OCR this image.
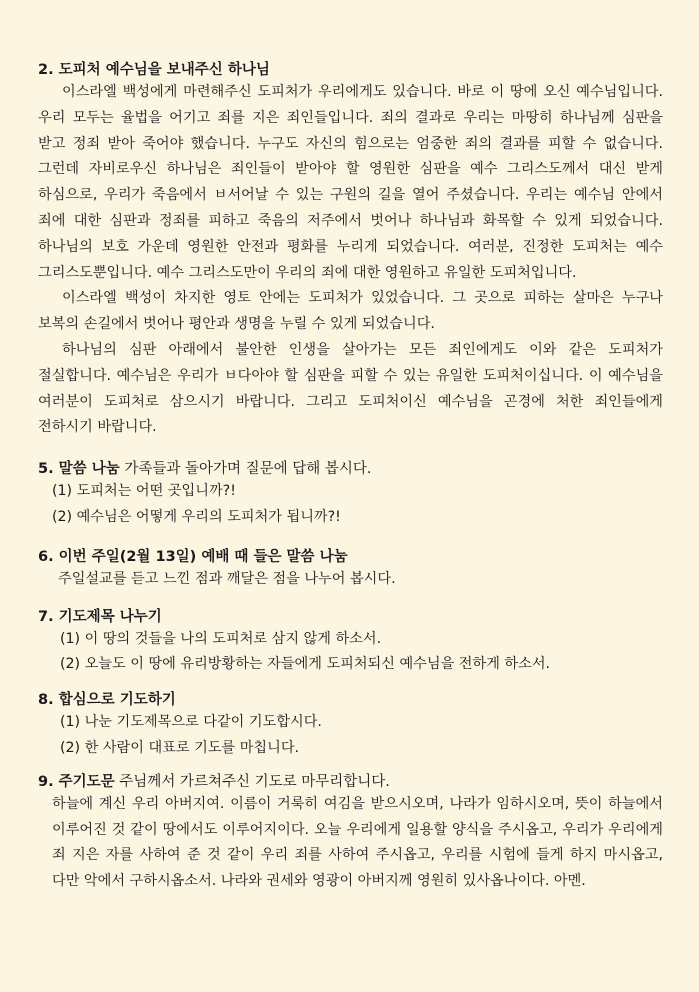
2. 도피처 예수님을 보내주신 하나님

이스라엘 백성에게 마련해주신 도피처가 우리에게도 있습니다. 바로 이 땅에 오신 예수님입니다. 우리 모두는 율법을 어기고 죄를 지은 죄인들입니다. 죄의 결과로 우리는 마땅히 하나님께 심판을 받고 정죄 받아 죽어야 했습니다. 누구도 자신의 힘으로는 엄중한 죄의 결과를 피할 수 없습니다. 그런데 자비로우신 하나님은 죄인들이 받아야 할 영원한 심판을 예수 그리스도께서 대신 받게 하심으로, 우리가 죽음에서 ㅂ서어날 수 있는 구원의 길을 열어 주셨습니다. 우리는 예수님 안에서 죄에 대한 심판과 정죄를 피하고 죽음의 저주에서 벗어나 하나님과 화목할 수 있게 되었습니다. 하나님의 보호 가운데 영원한 안전과 평화를 누리게 되었습니다. 여러분, 진정한 도피처는 예수 그리스도뿐입니다. 예수 그리스도만이 우리의 죄에 대한 영원하고 유일한 도피처입니다.

이스라엘 백성이 차지한 영토 안에는 도피처가 있었습니다. 그 곳으로 피하는 살마은 누구나 보복의 손길에서 벗어나 평안과 생명을 누릴 수 있게 되었습니다.

하나님의 심판 아래에서 불안한 인생을 살아가는 모든 죄인에게도 이와 같은 도피처가 절실합니다. 예수님은 우리가 ㅂ다아야 할 심판을 피할 수 있는 유일한 도피처이십니다. 이 예수님을 여러분이 도피처로 삼으시기 바랍니다. 그리고 도피처이신 예수님을 곤경에 처한 죄인들에게 전하시기 바랍니다.

5. 말씀 나눔 가족들과 돌아가며 질문에 답해 봅시다.

(1) 도피처는 어떤 곳입니까?!

(2) 예수님은 어떻게 우리의 도피처가 됩니까?!

6. 이번 주일(2월 13일) 예배 때 들은 말씀 나눔

주일설교를 듣고 느낀 점과 깨달은 점을 나누어 봅시다.

7. 기도제목 나누기

(1) 이 땅의 것들을 나의 도피처로 삼지 않게 하소서.

(2) 오늘도 이 땅에 유리방황하는 자들에게 도피처되신 예수님을 전하게 하소서.

8. 합심으로 기도하기

(1) 나눈 기도제목으로 다같이 기도합시다.

(2) 한 사람이 대표로 기도를 마칩니다.

9. 주기도문 주님께서 가르쳐주신 기도로 마무리합니다.

하늘에 계신 우리 아버지여. 이름이 거룩히 여김을 받으시오며, 나라가 임하시오며, 뜻이 하늘에서 이루어진 것 같이 땅에서도 이루어지이다. 오늘 우리에게 일용할 양식을 주시옵고, 우리가 우리에게 죄 지은 자를 사하여 준 것 같이 우리 죄를 사하여 주시옵고, 우리를 시험에 들게 하지 마시옵고, 다만 악에서 구하시옵소서. 나라와 권세와 영광이 아버지께 영원히 있사옵나이다. 아멘.
